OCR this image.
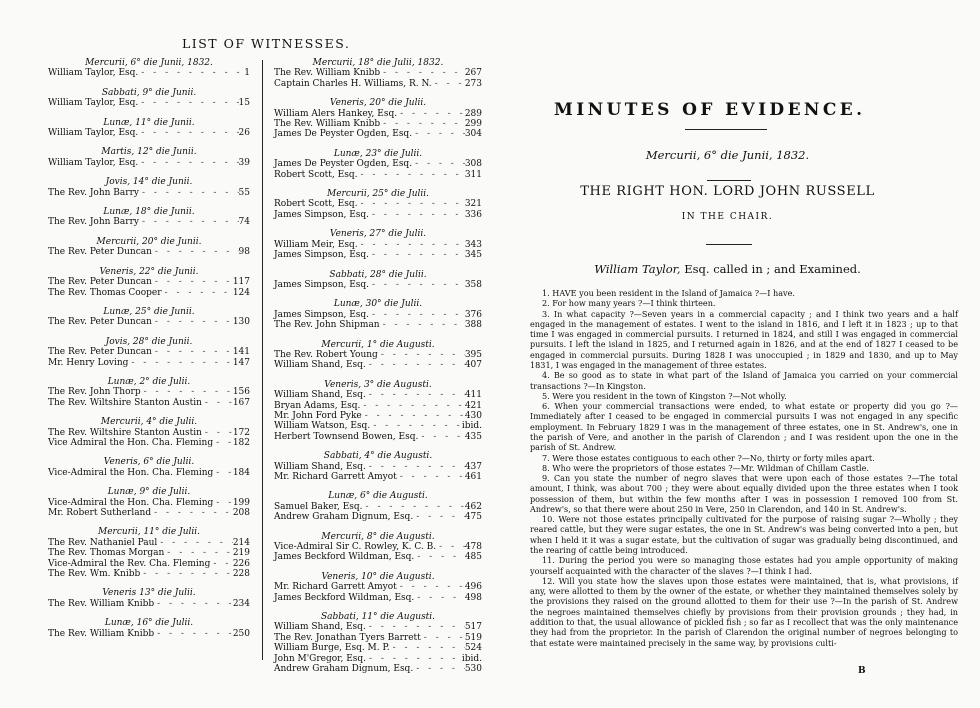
LIST OF WITNESSES.
Mercurii, 6° die Junii, 1832.
William Taylor, Esq. - - -	1
Sabbati, 9° die Junii.
William Taylor, Esq. - - -	15
Lunæ, 11° die Junii.
William Taylor, Esq. - - -	26
Martis, 12° die Junii.
William Taylor, Esq. - - -	39
Jovis, 14° die Junii.
The Rev. John Barry - - -	55
Lunæ, 18° die Junii.
The Rev. John Barry - - -	74
Mercurii, 20° die Junii.
The Rev. Peter Duncan - - -	98
Veneris, 22° die Junii.
The Rev. Peter Duncan - - -	117
The Rev. Thomas Cooper - - -	124
Lunæ, 25° die Junii.
The Rev. Peter Duncan - - -	130
Jovis, 28° die Junii.
The Rev. Peter Duncan - - -	141
Mr. Henry Loving - - -	147
Lunæ, 2° die Julii.
The Rev. John Thorp - - -	156
The Rev. Wiltshire Stanton Austin - - -	167
Mercurii, 4° die Julii.
The Rev. Wiltshire Stanton Austin - - -	172
Vice Admiral the Hon. Cha. Fleming - - - 182
Veneris, 6° die Julii.
Vice-Admiral the Hon. Cha. Fleming - - - 184
Lunæ, 9° die Julii.
Vice-Admiral the Hon. Cha. Fleming - - - 199
Mr. Robert Sutherland - - -	208
Mercurii, 11° die Julii.
The Rev. Nathaniel Paul - - -	214
The Rev. Thomas Morgan - - -	219
Vice-Admiral the Rev. Cha. Fleming - - - 226
The Rev. Wm. Knibb - - -	228
Veneris 13° die Julii.
The Rev. William Knibb - - -	234
Lunæ, 16° die Julii.
The Rev. William Knibb - - -	250
Mercurii, 18° die Julii, 1832.
The Rev. William Knibb - - -	267
Captain Charles H. Williams, R. N. - - -	273
Veneris, 20° die Julii.
William Alers Hankey, Esq. - - -	289
The Rev. William Knibb - - -	299
James De Peyster Ogden, Esq. - - -	304
Lunæ, 23° die Julii.
James De Peyster Ogden, Esq. - - -	308
Robert Scott, Esq. - - -	311
Mercurii, 25° die Julii.
Robert Scott, Esq. - - -	321
James Simpson, Esq. - - -	336
Veneris, 27° die Julii.
William Meir, Esq. - - -	343
James Simpson, Esq. - - -	345
Sabbati, 28° die Julii.
James Simpson, Esq. - - -	358
Lunæ, 30° die Julii.
James Simpson, Esq. - - -	376
The Rev. John Shipman - - -	388
Mercurii, 1° die Augusti.
The Rev. Robert Young - - -	395
William Shand, Esq. - - -	407
Veneris, 3° die Augusti.
William Shand, Esq. - - -	411
Bryan Adams, Esq. - - -	421
Mr. John Ford Pyke - - -	430
William Watson, Esq. - - -	ibid.
Herbert Townsend Bowen, Esq. - - -	435
Sabbati, 4° die Augusti.
William Shand, Esq. - - -	437
Mr. Richard Garrett Amyot - - -	461
Lunæ, 6° die Augusti.
Samuel Baker, Esq. - - -	462
Andrew Graham Dignum, Esq. - - -	475
Mercurii, 8° die Augusti.
Vice-Admiral Sir C. Rowley, K. C. B. - - -	478
James Beckford Wildman, Esq. - - -	485
Veneris, 10° die Augusti.
Mr. Richard Garrett Amyot - - -	496
James Beckford Wildman, Esq. - - -	498
Sabbati, 11° die Augusti.
William Shand, Esq. - - -	517
The Rev. Jonathan Tyers Barrett - - -	519
William Burge, Esq. M. P. - - -	524
John M'Gregor, Esq. - - -	ibid.
Andrew Graham Dignum, Esq. - - -	530
MINUTES OF EVIDENCE.
Mercurii, 6° die Junii, 1832.
THE RIGHT HON. LORD JOHN RUSSELL
IN THE CHAIR.
William Taylor, Esq. called in ; and Examined.

1. HAVE you been resident in the Island of Jamaica ?—I have.

2. For how many years ?—I think thirteen.

3. In what capacity ?—Seven years in a commercial capacity ; and I think two years and a half engaged in the management of estates. I went to the island in 1816, and I left it in 1823 ; up to that time I was engaged in commercial pursuits. I returned in 1824, and still I was engaged in commercial pursuits. I left the island in 1825, and I returned again in 1826, and at the end of 1827 I ceased to be engaged in commercial pursuits. During 1828 I was unoccupied ; in 1829 and 1830, and up to May 1831, I was engaged in the management of three estates.

4. Be so good as to state in what part of the Island of Jamaica you carried on your commercial transactions ?—In Kingston.

5. Were you resident in the town of Kingston ?—Not wholly.

6. When your commercial transactions were ended, to what estate or property did you go ?—Immediately after I ceased to be engaged in commercial pursuits I was not engaged in any specific employment. In February 1829 I was in the management of three estates, one in St. Andrew's, one in the parish of Vere, and another in the parish of Clarendon ; and I was resident upon the one in the parish of St. Andrew.

7. Were those estates contiguous to each other ?—No, thirty or forty miles apart.

8. Who were the proprietors of those estates ?—Mr. Wildman of Chillam Castle.

9. Can you state the number of negro slaves that were upon each of those estates ?—The total amount, I think, was about 700 ; they were about equally divided upon the three estates when I took possession of them, but within the few months after I was in possession I removed 100 from St. Andrew's, so that there were about 250 in Vere, 250 in Clarendon, and 140 in St. Andrew's.

10. Were not those estates principally cultivated for the purpose of raising sugar ?—Wholly ; they reared cattle, but they were sugar estates, the one in St. Andrew's was being converted into a pen, but when I held it it was a sugar estate, but the cultivation of sugar was gradually being discontinued, and the rearing of cattle being introduced.

11. During the period you were so managing those estates had you ample opportunity of making yourself acquainted with the character of the slaves ?—I think I had.

12. Will you state how the slaves upon those estates were maintained, that is, what provisions, if any, were allotted to them by the owner of the estate, or whether they maintained themselves solely by the provisions they raised on the ground allotted to them for their use ?—In the parish of St. Andrew the negroes maintained themselves chiefly by provisions from their provision grounds ; they had, in addition to that, the usual allowance of pickled fish ; so far as I recollect that was the only maintenance they had from the proprietor. In the parish of Clarendon the original number of negroes belonging to that estate were maintained precisely in the same way, by provisions culti-

B
